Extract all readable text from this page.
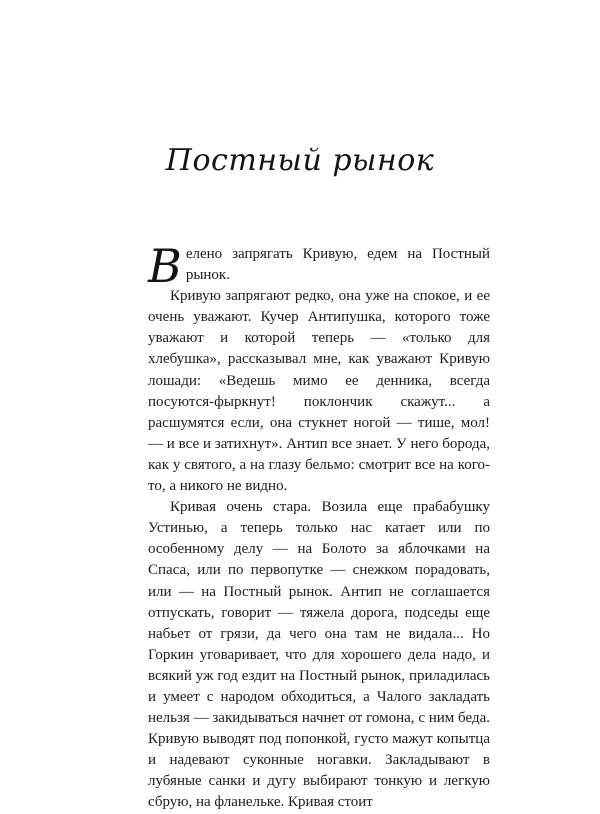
Постный рынок

Велено запрягать Кривую, едем на Постный рынок.

Кривую запрягают редко, она уже на спокое, и ее очень уважают. Кучер Антипушка, которого тоже уважают и которой теперь — «только для хлебушка», рассказывал мне, как уважают Кривую лошади: «Ведешь мимо ее денника, всегда посуются-фыркнут! поклончик скажут... а расшумятся если, она стукнет ногой — тише, мол! — и все и затихнут». Антип все знает. У него борода, как у святого, а на глазу бельмо: смотрит все на кого-то, а никого не видно.

Кривая очень стара. Возила еще прабабушку Устинью, а теперь только нас катает или по особенному делу — на Болото за яблочками на Спаса, или по первопутке — снежком порадовать, или — на Постный рынок. Антип не соглашается отпускать, говорит — тяжела дорога, подседы еще набьет от грязи, да чего она там не видала... Но Горкин уговаривает, что для хорошего дела надо, и всякий уж год ездит на Постный рынок, приладилась и умеет с народом обходиться, а Чалого закладать нельзя — закидываться начнет от гомона, с ним беда. Кривую выводят под попонкой, густо мажут копытца и надевают суконные ногавки. Закладывают в лубяные санки и дугу выбирают тонкую и легкую сбрую, на фланельке. Кривая стоит
